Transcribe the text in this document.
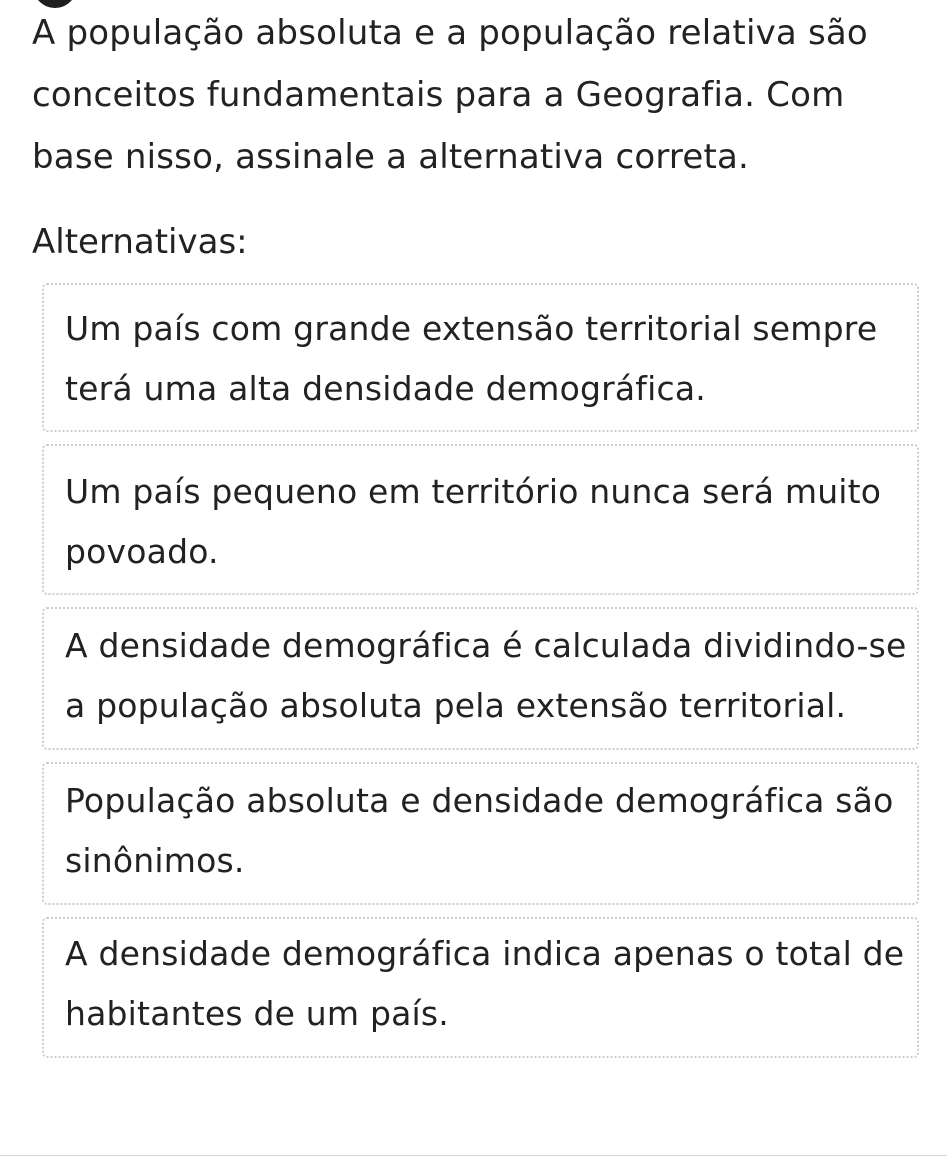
A população absoluta e a população relativa são conceitos fundamentais para a Geografia. Com base nisso, assinale a alternativa correta.

Alternativas:
Um país com grande extensão territorial sempre terá uma alta densidade demográfica.
Um país pequeno em território nunca será muito povoado.
A densidade demográfica é calculada dividindo-se a população absoluta pela extensão territorial.
População absoluta e densidade demográfica são sinônimos.
A densidade demográfica indica apenas o total de habitantes de um país.
